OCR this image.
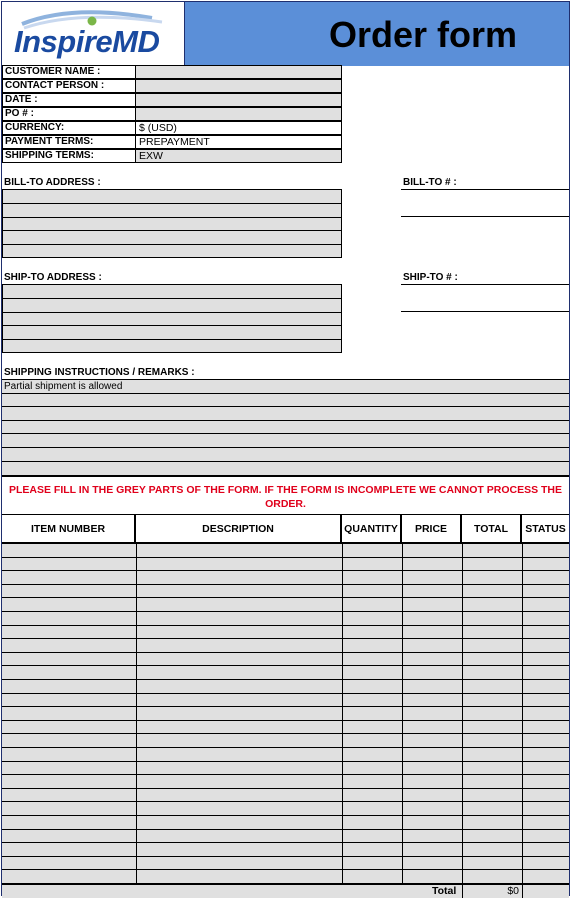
InspireMD	Order form
CUSTOMER NAME :
CONTACT PERSON :
DATE :
PO # :
CURRENCY:	$ (USD)
PAYMENT TERMS:	PREPAYMENT
SHIPPING TERMS:	EXW
BILL-TO ADDRESS :	BILL-TO # :
SHIP-TO ADDRESS :	SHIP-TO # :
SHIPPING INSTRUCTIONS / REMARKS :
Partial shipment is allowed
PLEASE FILL IN THE GREY PARTS OF THE FORM. IF THE FORM IS INCOMPLETE WE CANNOT PROCESS THE ORDER.
ITEM NUMBER	DESCRIPTION	QUANTITY	PRICE	TOTAL	STATUS
Total	$0
